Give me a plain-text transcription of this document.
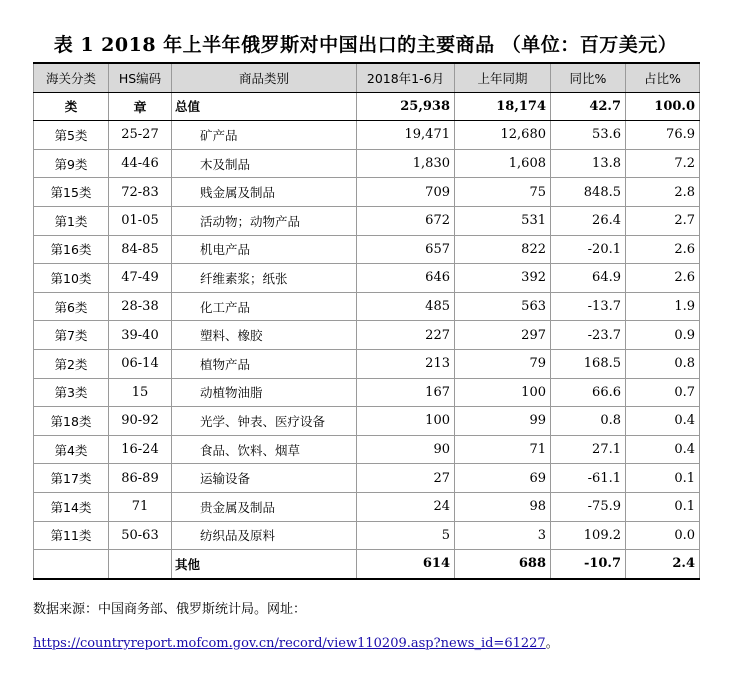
表 1 2018 年上半年俄罗斯对中国出口的主要商品 （单位：百万美元）
海关分类	HS编码	商品类别	2018年1-6月	上年同期	同比%	占比%
类	章	总值	25,938	18,174	42.7	100.0
第5类	25-27	矿产品	19,471	12,680	53.6	76.9
第9类	44-46	木及制品	1,830	1,608	13.8	7.2
第15类	72-83	贱金属及制品	709	75	848.5	2.8
第1类	01-05	活动物；动物产品	672	531	26.4	2.7
第16类	84-85	机电产品	657	822	-20.1	2.6
第10类	47-49	纤维素浆；纸张	646	392	64.9	2.6
第6类	28-38	化工产品	485	563	-13.7	1.9
第7类	39-40	塑料、橡胶	227	297	-23.7	0.9
第2类	06-14	植物产品	213	79	168.5	0.8
第3类	15	动植物油脂	167	100	66.6	0.7
第18类	90-92	光学、钟表、医疗设备	100	99	0.8	0.4
第4类	16-24	食品、饮料、烟草	90	71	27.1	0.4
第17类	86-89	运输设备	27	69	-61.1	0.1
第14类	71	贵金属及制品	24	98	-75.9	0.1
第11类	50-63	纺织品及原料	5	3	109.2	0.0
		其他	614	688	-10.7	2.4
数据来源：中国商务部、俄罗斯统计局。网址：
https://countryreport.mofcom.gov.cn/record/view110209.asp?news_id=61227。
